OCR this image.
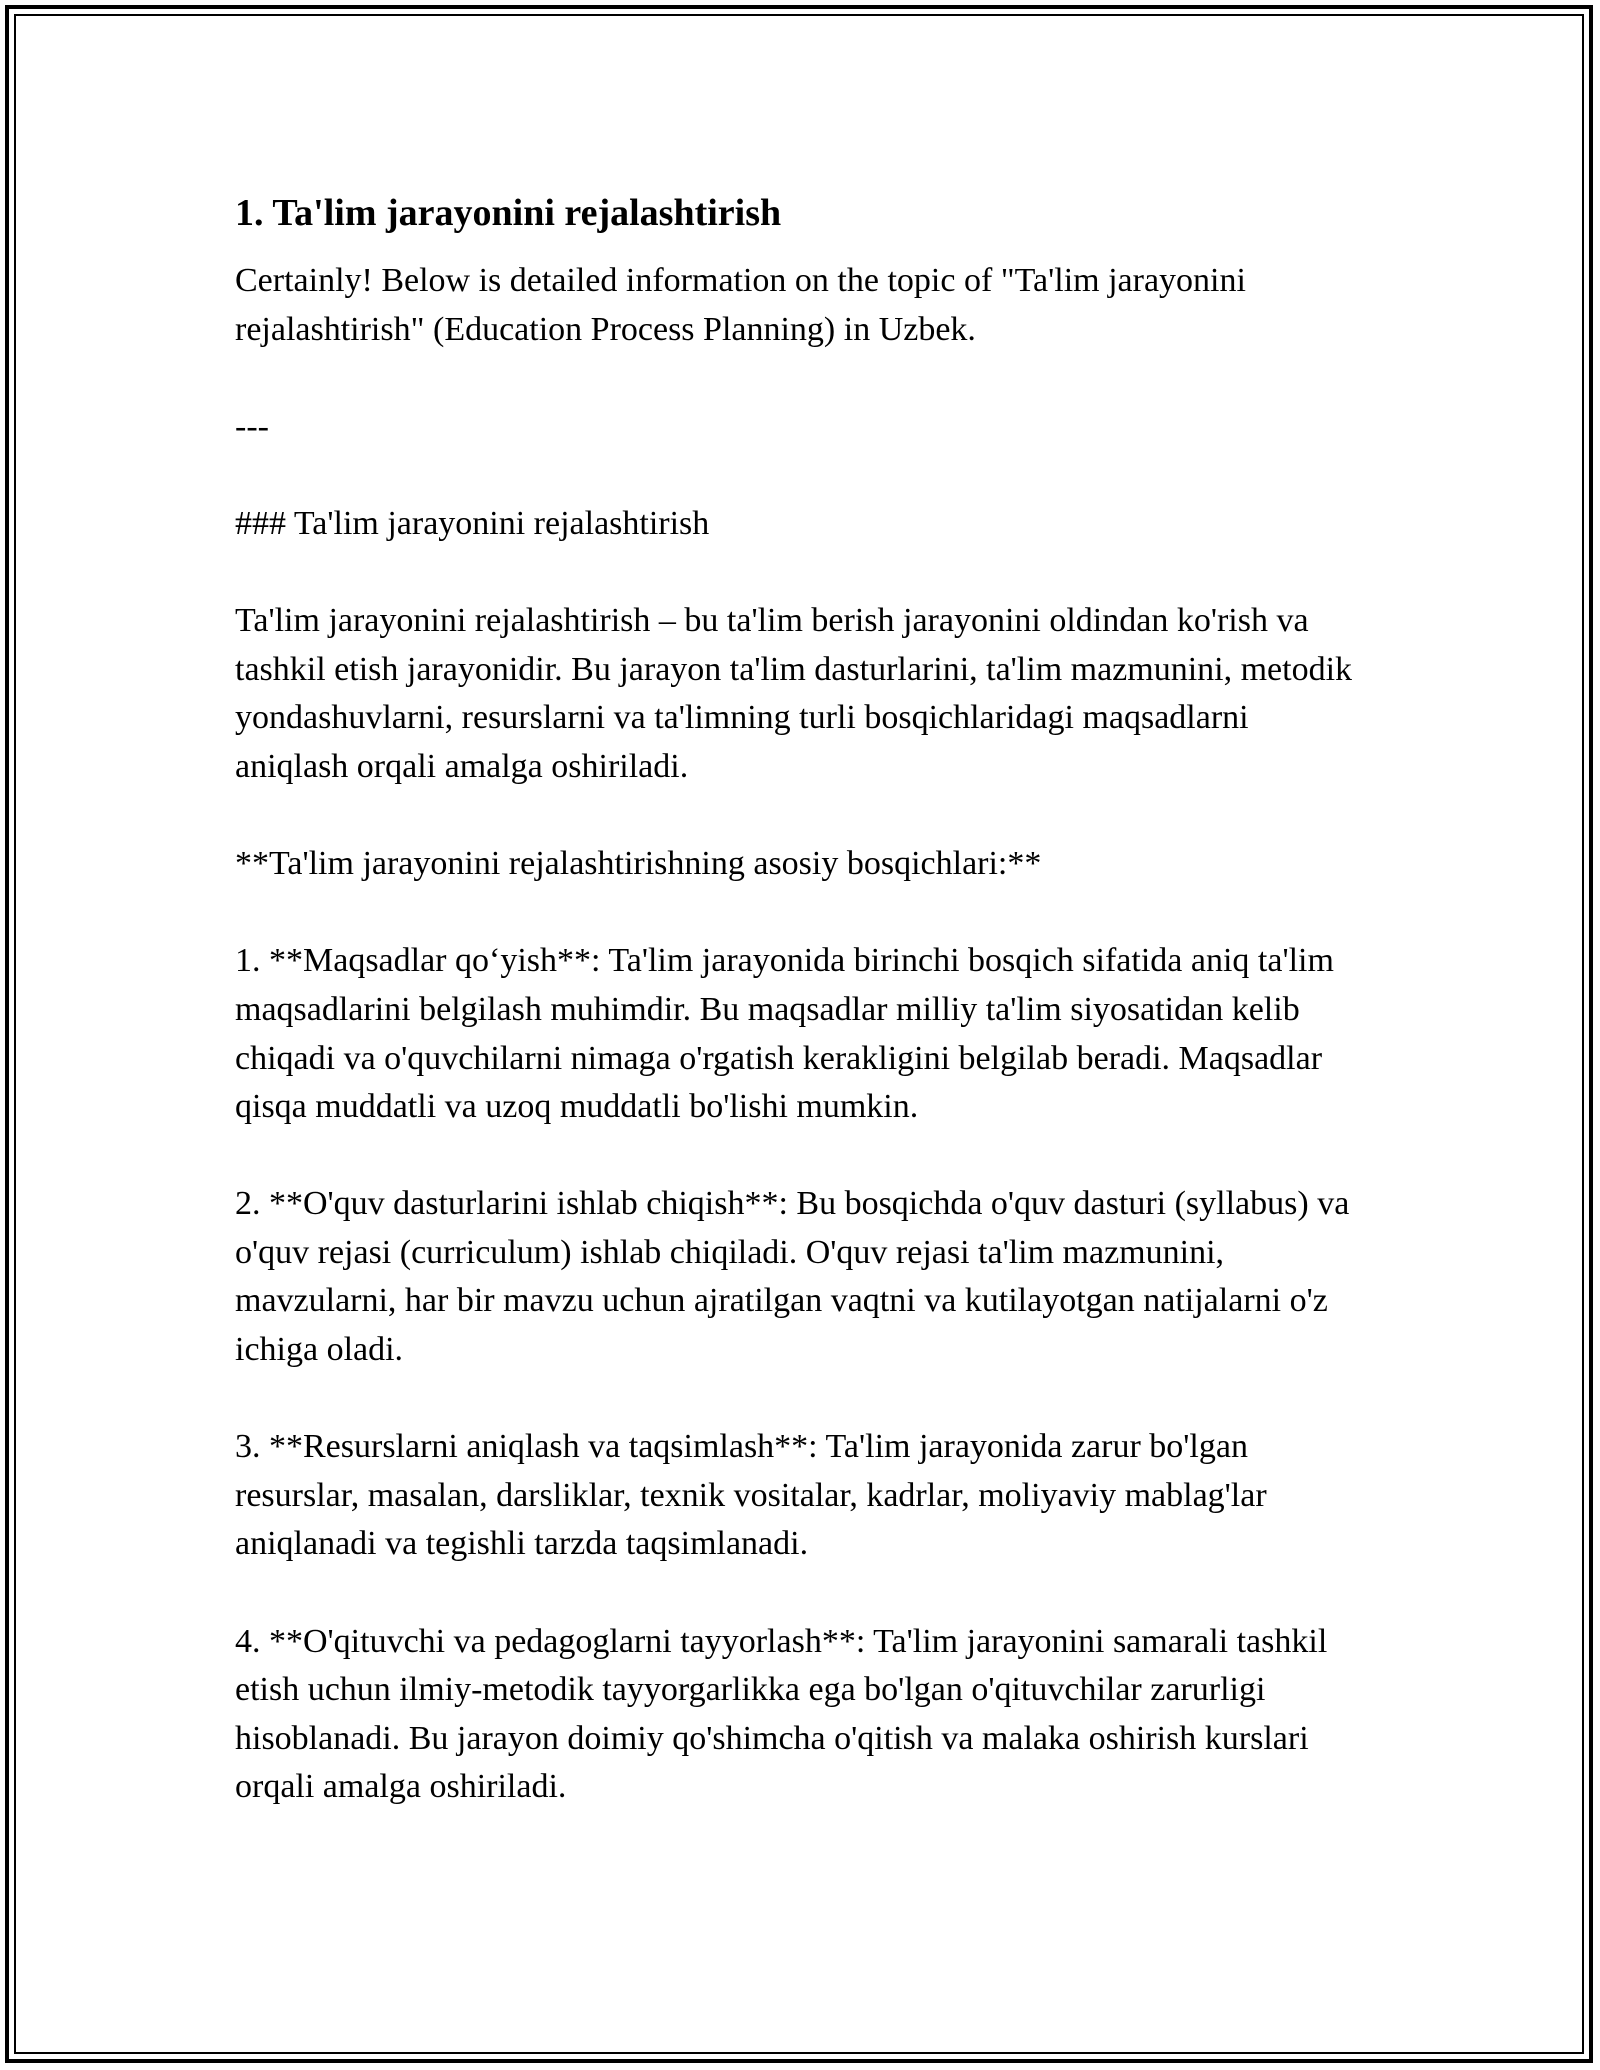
1. Ta'lim jarayonini rejalashtirish

Certainly! Below is detailed information on the topic of "Ta'lim jarayonini rejalashtirish" (Education Process Planning) in Uzbek.

---

### Ta'lim jarayonini rejalashtirish

Ta'lim jarayonini rejalashtirish – bu ta'lim berish jarayonini oldindan ko'rish va tashkil etish jarayonidir. Bu jarayon ta'lim dasturlarini, ta'lim mazmunini, metodik yondashuvlarni, resurslarni va ta'limning turli bosqichlaridagi maqsadlarni aniqlash orqali amalga oshiriladi.

**Ta'lim jarayonini rejalashtirishning asosiy bosqichlari:**

1. **Maqsadlar qo‘yish**: Ta'lim jarayonida birinchi bosqich sifatida aniq ta'lim maqsadlarini belgilash muhimdir. Bu maqsadlar milliy ta'lim siyosatidan kelib chiqadi va o'quvchilarni nimaga o'rgatish kerakligini belgilab beradi. Maqsadlar qisqa muddatli va uzoq muddatli bo'lishi mumkin.

2. **O'quv dasturlarini ishlab chiqish**: Bu bosqichda o'quv dasturi (syllabus) va o'quv rejasi (curriculum) ishlab chiqiladi. O'quv rejasi ta'lim mazmunini, mavzularni, har bir mavzu uchun ajratilgan vaqtni va kutilayotgan natijalarni o'z ichiga oladi.

3. **Resurslarni aniqlash va taqsimlash**: Ta'lim jarayonida zarur bo'lgan resurslar, masalan, darsliklar, texnik vositalar, kadrlar, moliyaviy mablag'lar aniqlanadi va tegishli tarzda taqsimlanadi.

4. **O'qituvchi va pedagoglarni tayyorlash**: Ta'lim jarayonini samarali tashkil etish uchun ilmiy-metodik tayyorgarlikka ega bo'lgan o'qituvchilar zarurligi hisoblanadi. Bu jarayon doimiy qo'shimcha o'qitish va malaka oshirish kurslari orqali amalga oshiriladi.
